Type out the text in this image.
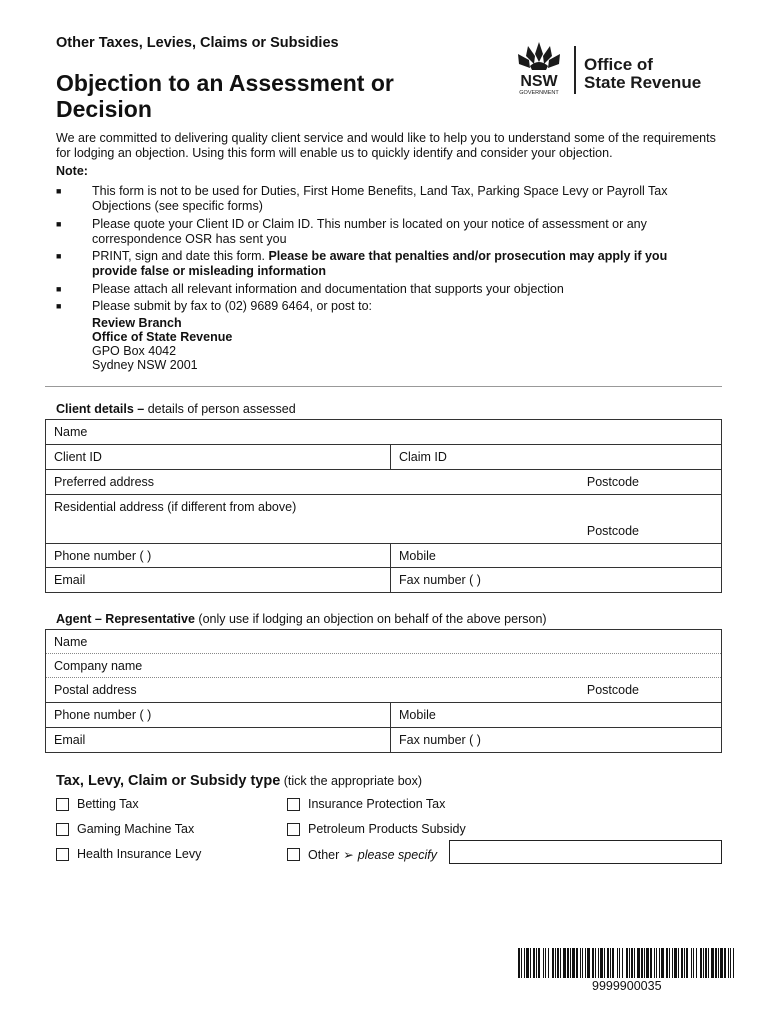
Other Taxes, Levies, Claims or Subsidies
Objection to an Assessment or Decision
NSW
GOVERNMENT
Office of
State Revenue
We are committed to delivering quality client service and would like to help you to understand some of the requirements for lodging an objection. Using this form will enable us to quickly identify and consider your objection.
Note:
■ This form is not to be used for Duties, First Home Benefits, Land Tax, Parking Space Levy or Payroll Tax Objections (see specific forms)
■ Please quote your Client ID or Claim ID. This number is located on your notice of assessment or any correspondence OSR has sent you
■ PRINT, sign and date this form. Please be aware that penalties and/or prosecution may apply if you provide false or misleading information
■ Please attach all relevant information and documentation that supports your objection
■ Please submit by fax to (02) 9689 6464, or post to:
Review Branch
Office of State Revenue
GPO Box 4042
Sydney NSW 2001
Client details – details of person assessed
Name
Client ID	Claim ID
Preferred address	Postcode
Residential address (if different from above)
Postcode
Phone number ( )	Mobile
Email	Fax number ( )
Agent – Representative (only use if lodging an objection on behalf of the above person)
Name
Company name
Postal address	Postcode
Phone number ( )	Mobile
Email	Fax number ( )
Tax, Levy, Claim or Subsidy type (tick the appropriate box)
Betting Tax	Insurance Protection Tax
Gaming Machine Tax	Petroleum Products Subsidy
Health Insurance Levy	Other ➢ please specify
9999900035
